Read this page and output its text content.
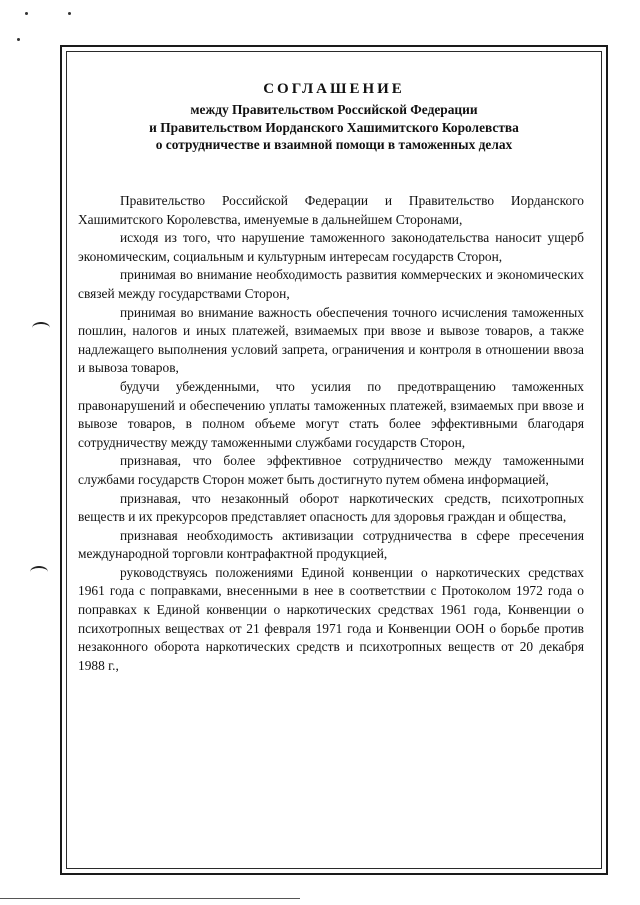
СОГЛАШЕНИЕ
между Правительством Российской Федерации
и Правительством Иорданского Хашимитского Королевства
о сотрудничестве и взаимной помощи в таможенных делах

Правительство Российской Федерации и Правительство Иорданского Хашимитского Королевства, именуемые в дальнейшем Сторонами,

исходя из того, что нарушение таможенного законодательства наносит ущерб экономическим, социальным и культурным интересам государств Сторон,

принимая во внимание необходимость развития коммерческих и экономических связей между государствами Сторон,

принимая во внимание важность обеспечения точного исчисления таможенных пошлин, налогов и иных платежей, взимаемых при ввозе и вывозе товаров, а также надлежащего выполнения условий запрета, ограничения и контроля в отношении ввоза и вывоза товаров,

будучи убежденными, что усилия по предотвращению таможенных правонарушений и обеспечению уплаты таможенных платежей, взимаемых при ввозе и вывозе товаров, в полном объеме могут стать более эффективными благодаря сотрудничеству между таможенными службами государств Сторон,

признавая, что более эффективное сотрудничество между таможенными службами государств Сторон может быть достигнуто путем обмена информацией,

признавая, что незаконный оборот наркотических средств, психотропных веществ и их прекурсоров представляет опасность для здоровья граждан и общества,

признавая необходимость активизации сотрудничества в сфере пресечения международной торговли контрафактной продукцией,

руководствуясь положениями Единой конвенции о наркотических средствах 1961 года с поправками, внесенными в нее в соответствии с Протоколом 1972 года о поправках к Единой конвенции о наркотических средствах 1961 года, Конвенции о психотропных веществах от 21 февраля 1971 года и Конвенции ООН о борьбе против незаконного оборота наркотических средств и психотропных веществ от 20 декабря 1988 г.,
